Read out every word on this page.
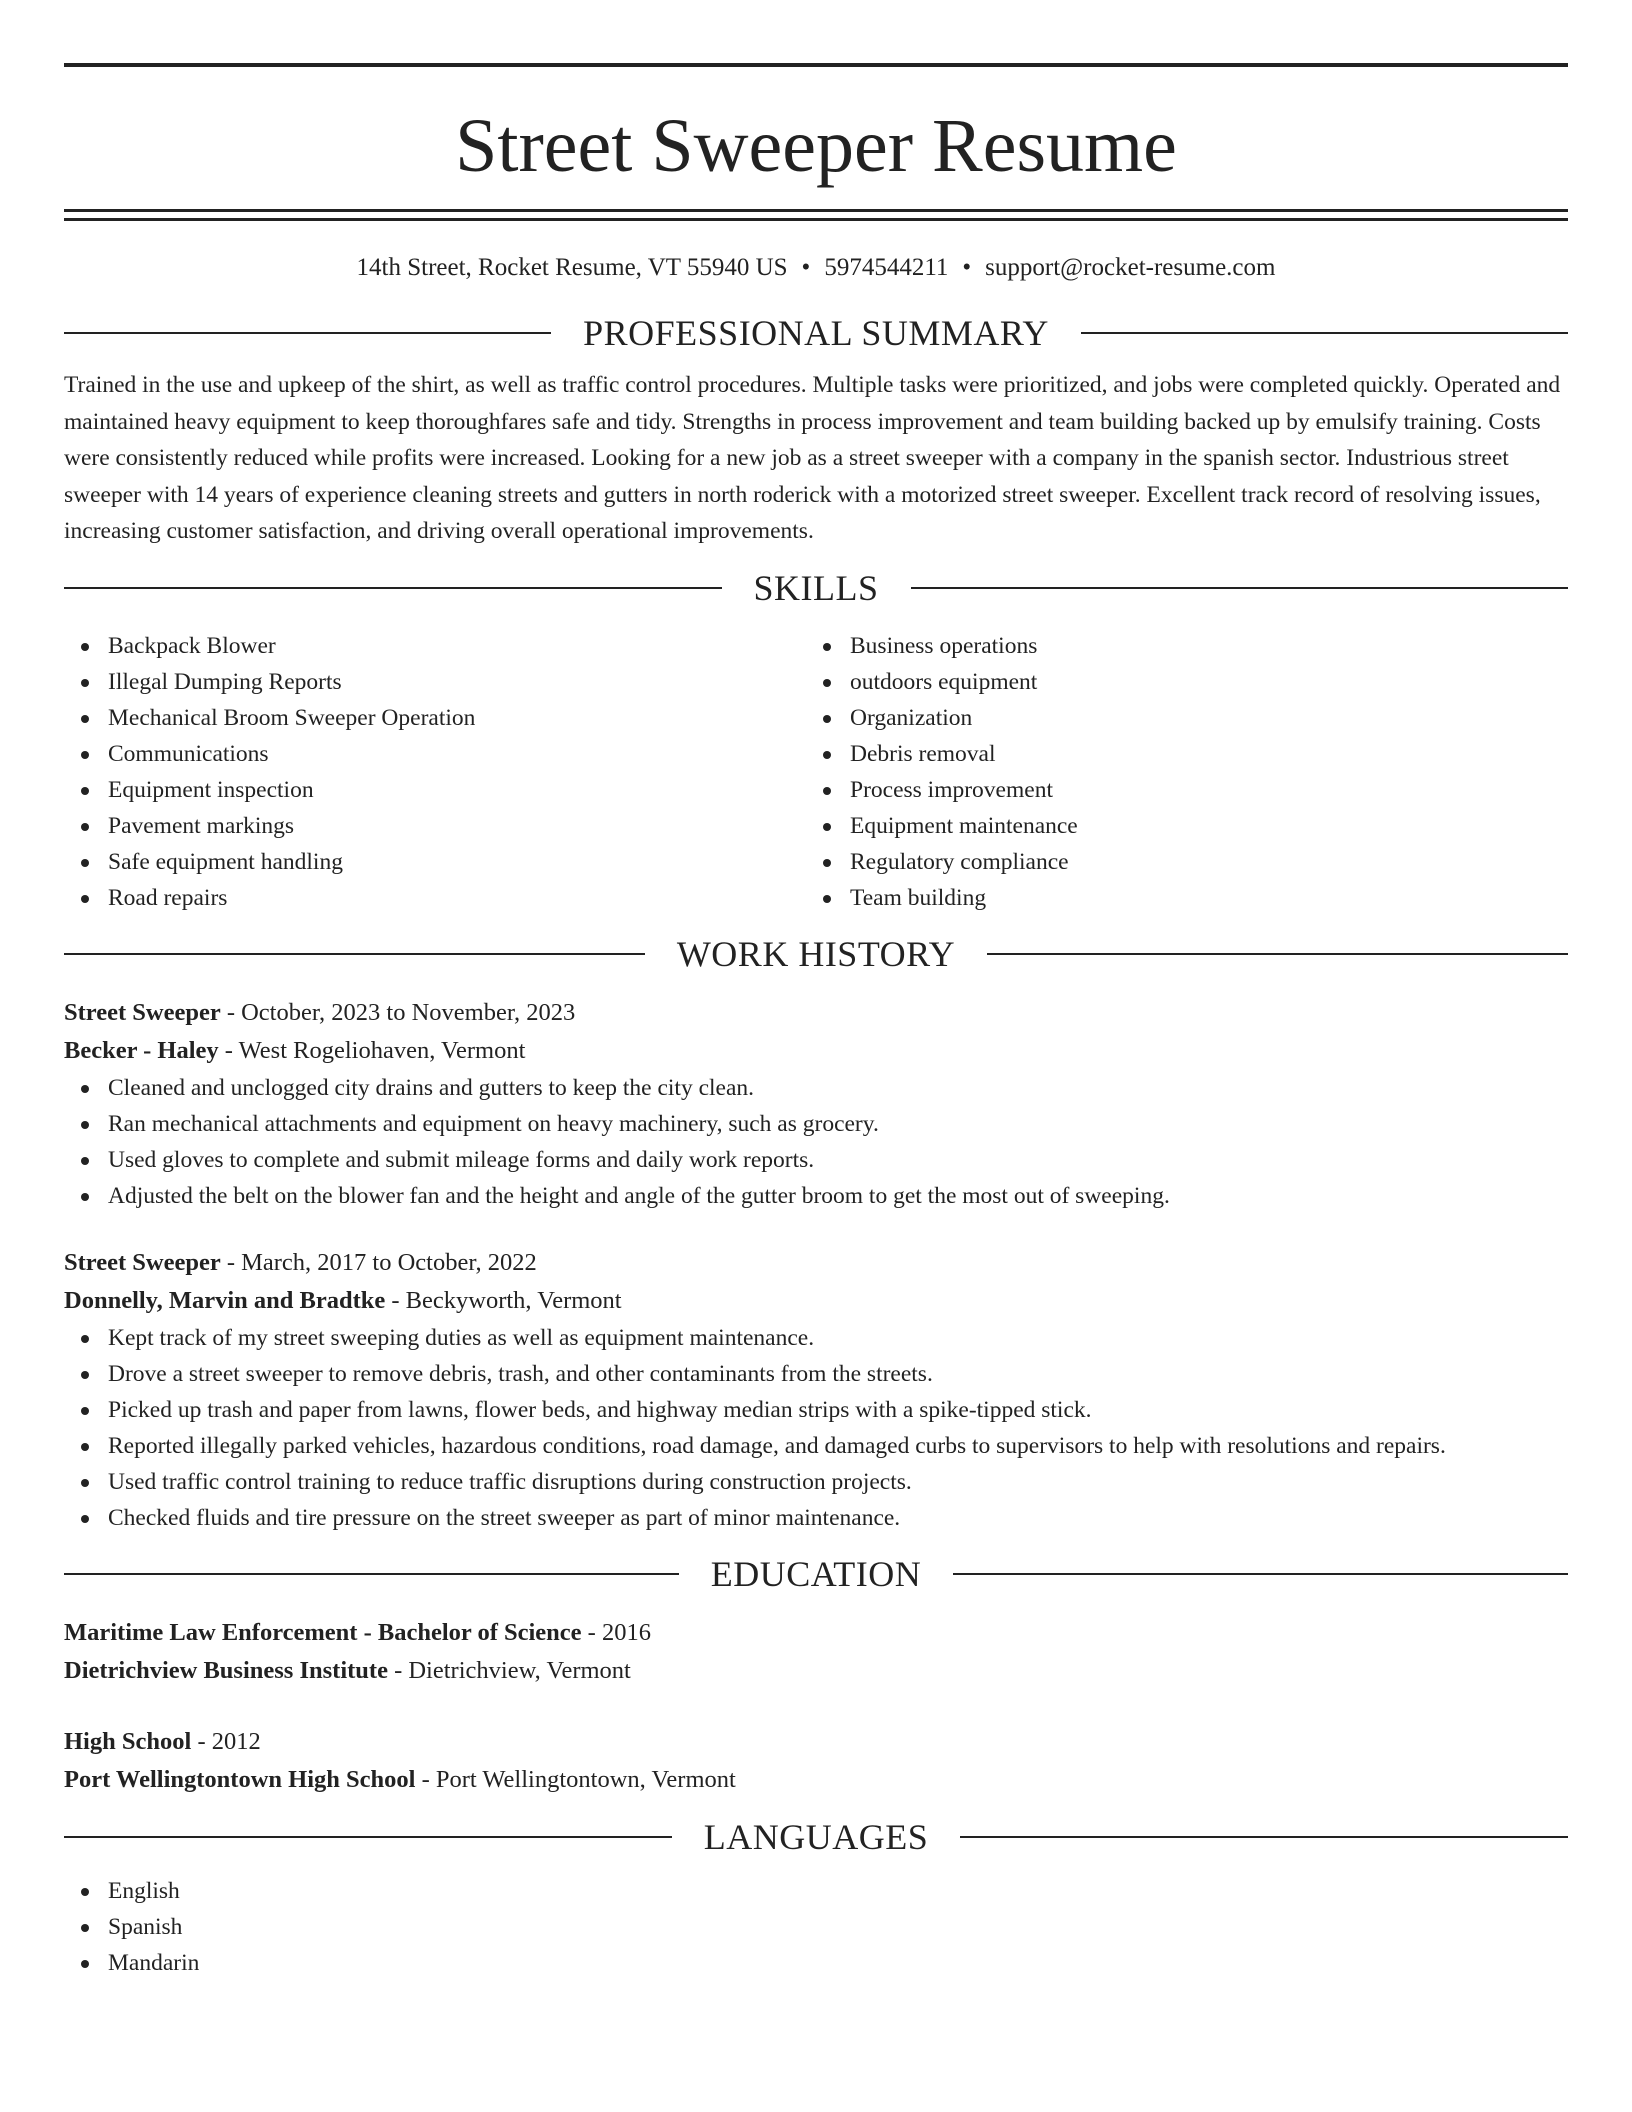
Street Sweeper Resume
14th Street, Rocket Resume, VT 55940 US • 5974544211 • support@rocket-resume.com
PROFESSIONAL SUMMARY
Trained in the use and upkeep of the shirt, as well as traffic control procedures. Multiple tasks were prioritized, and jobs were completed quickly. Operated and maintained heavy equipment to keep thoroughfares safe and tidy. Strengths in process improvement and team building backed up by emulsify training. Costs were consistently reduced while profits were increased. Looking for a new job as a street sweeper with a company in the spanish sector. Industrious street sweeper with 14 years of experience cleaning streets and gutters in north roderick with a motorized street sweeper. Excellent track record of resolving issues, increasing customer satisfaction, and driving overall operational improvements.
SKILLS
Backpack Blower
Illegal Dumping Reports
Mechanical Broom Sweeper Operation
Communications
Equipment inspection
Pavement markings
Safe equipment handling
Road repairs
Business operations
outdoors equipment
Organization
Debris removal
Process improvement
Equipment maintenance
Regulatory compliance
Team building
WORK HISTORY
Street Sweeper - October, 2023 to November, 2023
Becker - Haley - West Rogeliohaven, Vermont
Cleaned and unclogged city drains and gutters to keep the city clean.
Ran mechanical attachments and equipment on heavy machinery, such as grocery.
Used gloves to complete and submit mileage forms and daily work reports.
Adjusted the belt on the blower fan and the height and angle of the gutter broom to get the most out of sweeping.
Street Sweeper - March, 2017 to October, 2022
Donnelly, Marvin and Bradtke - Beckyworth, Vermont
Kept track of my street sweeping duties as well as equipment maintenance.
Drove a street sweeper to remove debris, trash, and other contaminants from the streets.
Picked up trash and paper from lawns, flower beds, and highway median strips with a spike-tipped stick.
Reported illegally parked vehicles, hazardous conditions, road damage, and damaged curbs to supervisors to help with resolutions and repairs.
Used traffic control training to reduce traffic disruptions during construction projects.
Checked fluids and tire pressure on the street sweeper as part of minor maintenance.
EDUCATION
Maritime Law Enforcement - Bachelor of Science - 2016
Dietrichview Business Institute - Dietrichview, Vermont
High School - 2012
Port Wellingtontown High School - Port Wellingtontown, Vermont
LANGUAGES
English
Spanish
Mandarin
